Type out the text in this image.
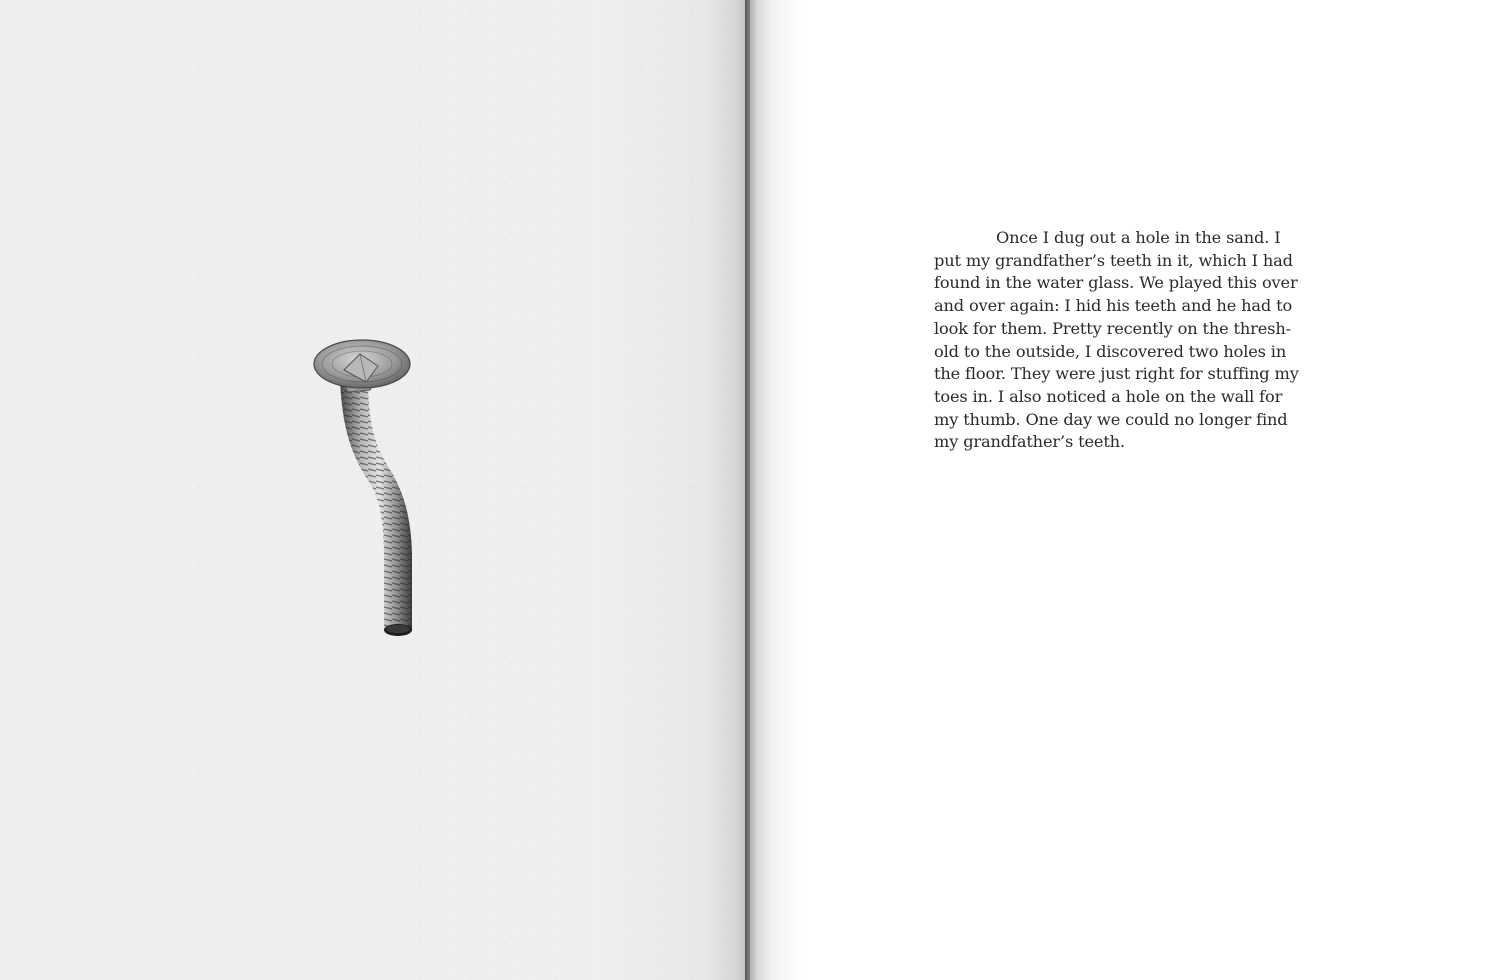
Once I dug out a hole in the sand. I
put my grandfather’s teeth in it, which I had
found in the water glass. We played this over
and over again: I hid his teeth and he had to
look for them. Pretty recently on the thresh-
old to the outside, I discovered two holes in
the floor. They were just right for stuffing my
toes in. I also noticed a hole on the wall for
my thumb. One day we could no longer find
my grandfather’s teeth.
